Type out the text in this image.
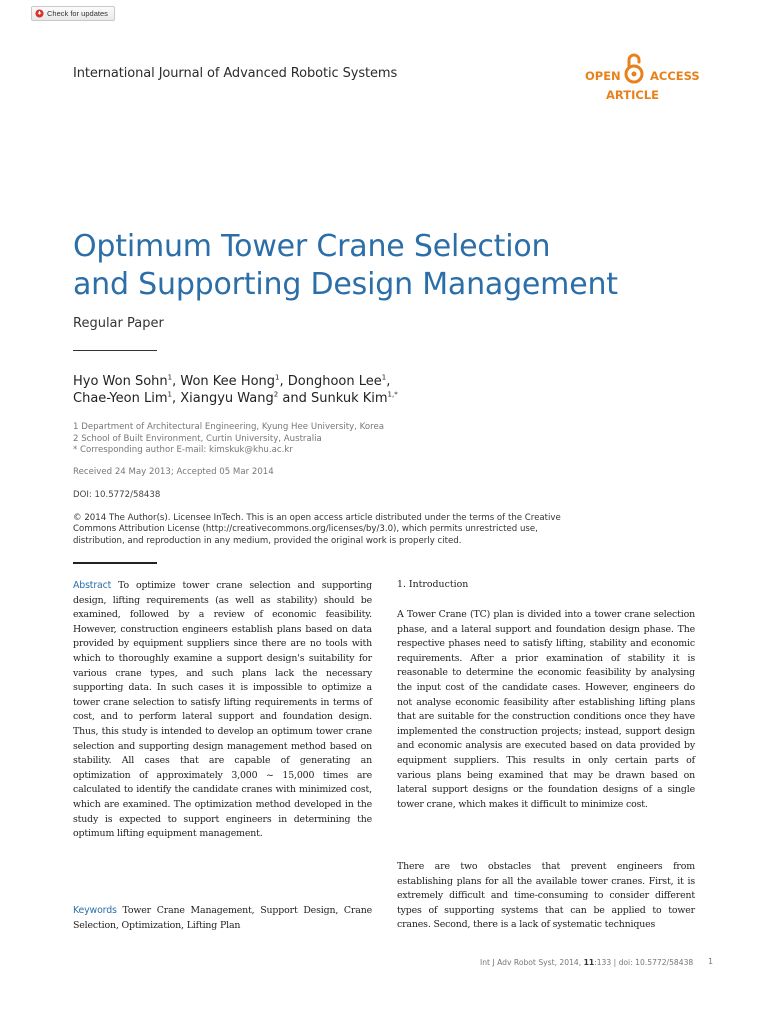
Check for updates
International Journal of Advanced Robotic Systems	OPEN	ACCESS
ARTICLE
Optimum Tower Crane Selection
and Supporting Design Management
Regular Paper
Hyo Won Sohn$^1$, Won Kee Hong$^1$, Donghoon Lee$^1$,
Chae-Yeon Lim$^1$, Xiangyu Wang$^2$ and Sunkuk Kim$^{1,*}$
1 Department of Architectural Engineering, Kyung Hee University, Korea
2 School of Built Environment, Curtin University, Australia
* Corresponding author E-mail: kimskuk@khu.ac.kr
Received 24 May 2013; Accepted 05 Mar 2014
DOI: 10.5772/58438
© 2014 The Author(s). Licensee InTech. This is an open access article distributed under the terms of the Creative
Commons Attribution License (http://creativecommons.org/licenses/by/3.0), which permits unrestricted use,
distribution, and reproduction in any medium, provided the original work is properly cited.
Abstract To optimize tower crane selection and supporting design, lifting requirements (as well as stability) should be examined, followed by a review of economic feasibility. However, construction engineers establish plans based on data provided by equipment suppliers since there are no tools with which to thoroughly examine a support design's suitability for various crane types, and such plans lack the necessary supporting data. In such cases it is impossible to optimize a tower crane selection to satisfy lifting requirements in terms of cost, and to perform lateral support and foundation design. Thus, this study is intended to develop an optimum tower crane selection and supporting design management method based on stability. All cases that are capable of generating an optimization of approximately 3,000 ~ 15,000 times are calculated to identify the candidate cranes with minimized cost, which are examined. The optimization method developed in the study is expected to support engineers in determining the optimum lifting equipment management.
Keywords Tower Crane Management, Support Design, Crane Selection, Optimization, Lifting Plan
1. Introduction
A Tower Crane (TC) plan is divided into a tower crane selection phase, and a lateral support and foundation design phase. The respective phases need to satisfy lifting, stability and economic requirements. After a prior examination of stability it is reasonable to determine the economic feasibility by analysing the input cost of the candidate cases. However, engineers do not analyse economic feasibility after establishing lifting plans that are suitable for the construction conditions once they have implemented the construction projects; instead, support design and economic analysis are executed based on data provided by equipment suppliers. This results in only certain parts of various plans being examined that may be drawn based on lateral support designs or the foundation designs of a single tower crane, which makes it difficult to minimize cost.
There are two obstacles that prevent engineers from establishing plans for all the available tower cranes. First, it is extremely difficult and time-consuming to consider different types of supporting systems that can be applied to tower cranes. Second, there is a lack of systematic techniques
Int J Adv Robot Syst, 2014, 11:133 | doi: 10.5772/58438 1
